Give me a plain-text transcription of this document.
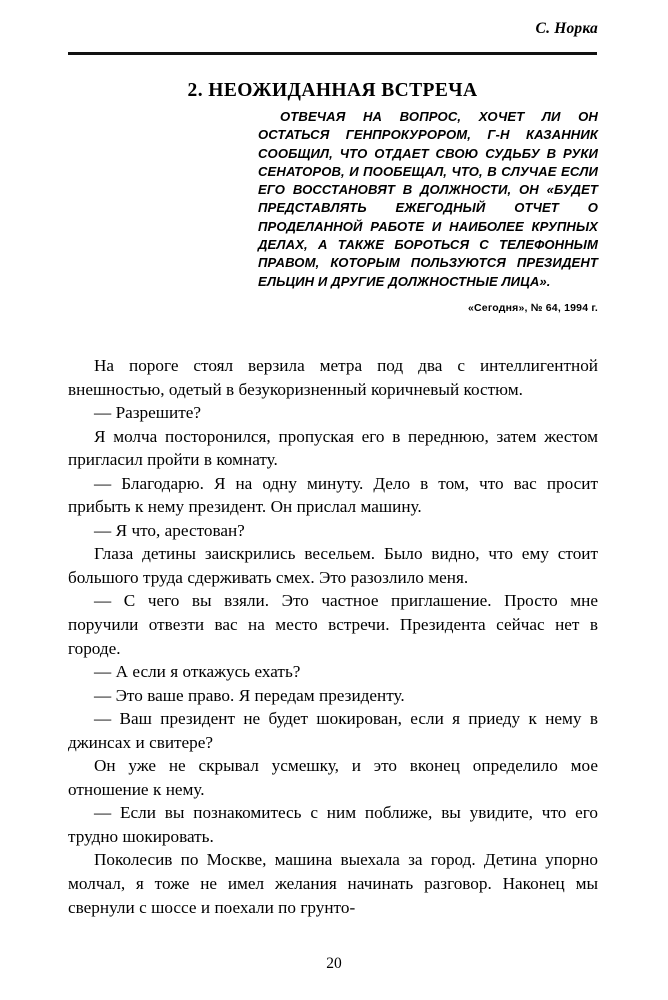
С. Норка
2. НЕОЖИДАННАЯ ВСТРЕЧА

ОТВЕЧАЯ НА ВОПРОС, ХОЧЕТ ЛИ ОН ОСТАТЬСЯ ГЕНПРОКУРОРОМ, Г-Н КАЗАННИК СООБЩИЛ, ЧТО ОТДАЕТ СВОЮ СУДЬБУ В РУКИ СЕНАТОРОВ, И ПООБЕЩАЛ, ЧТО, В СЛУЧАЕ ЕСЛИ ЕГО ВОССТАНОВЯТ В ДОЛЖНОСТИ, ОН «БУДЕТ ПРЕДСТАВЛЯТЬ ЕЖЕГОДНЫЙ ОТЧЕТ О ПРОДЕЛАННОЙ РАБОТЕ И НАИБОЛЕЕ КРУПНЫХ ДЕЛАХ, А ТАКЖЕ БОРОТЬСЯ С ТЕЛЕФОННЫМ ПРАВОМ, КОТОРЫМ ПОЛЬЗУЮТСЯ ПРЕЗИДЕНТ ЕЛЬЦИН И ДРУГИЕ ДОЛЖНОСТНЫЕ ЛИЦА».

«Сегодня», № 64, 1994 г.

На пороге стоял верзила метра под два с интеллигентной внешностью, одетый в безукоризненный коричневый костюм.

— Разрешите?

Я молча посторонился, пропуская его в переднюю, затем жестом пригласил пройти в комнату.

— Благодарю. Я на одну минуту. Дело в том, что вас просит прибыть к нему президент. Он прислал машину.

— Я что, арестован?

Глаза детины заискрились весельем. Было видно, что ему стоит большого труда сдерживать смех. Это разозлило меня.

— С чего вы взяли. Это частное приглашение. Просто мне поручили отвезти вас на место встречи. Президента сейчас нет в городе.

— А если я откажусь ехать?

— Это ваше право. Я передам президенту.

— Ваш президент не будет шокирован, если я приеду к нему в джинсах и свитере?

Он уже не скрывал усмешку, и это вконец определило мое отношение к нему.

— Если вы познакомитесь с ним поближе, вы увидите, что его трудно шокировать.

Поколесив по Москве, машина выехала за город. Детина упорно молчал, я тоже не имел желания начинать разговор. Наконец мы свернули с шоссе и поехали по грунто-

20
